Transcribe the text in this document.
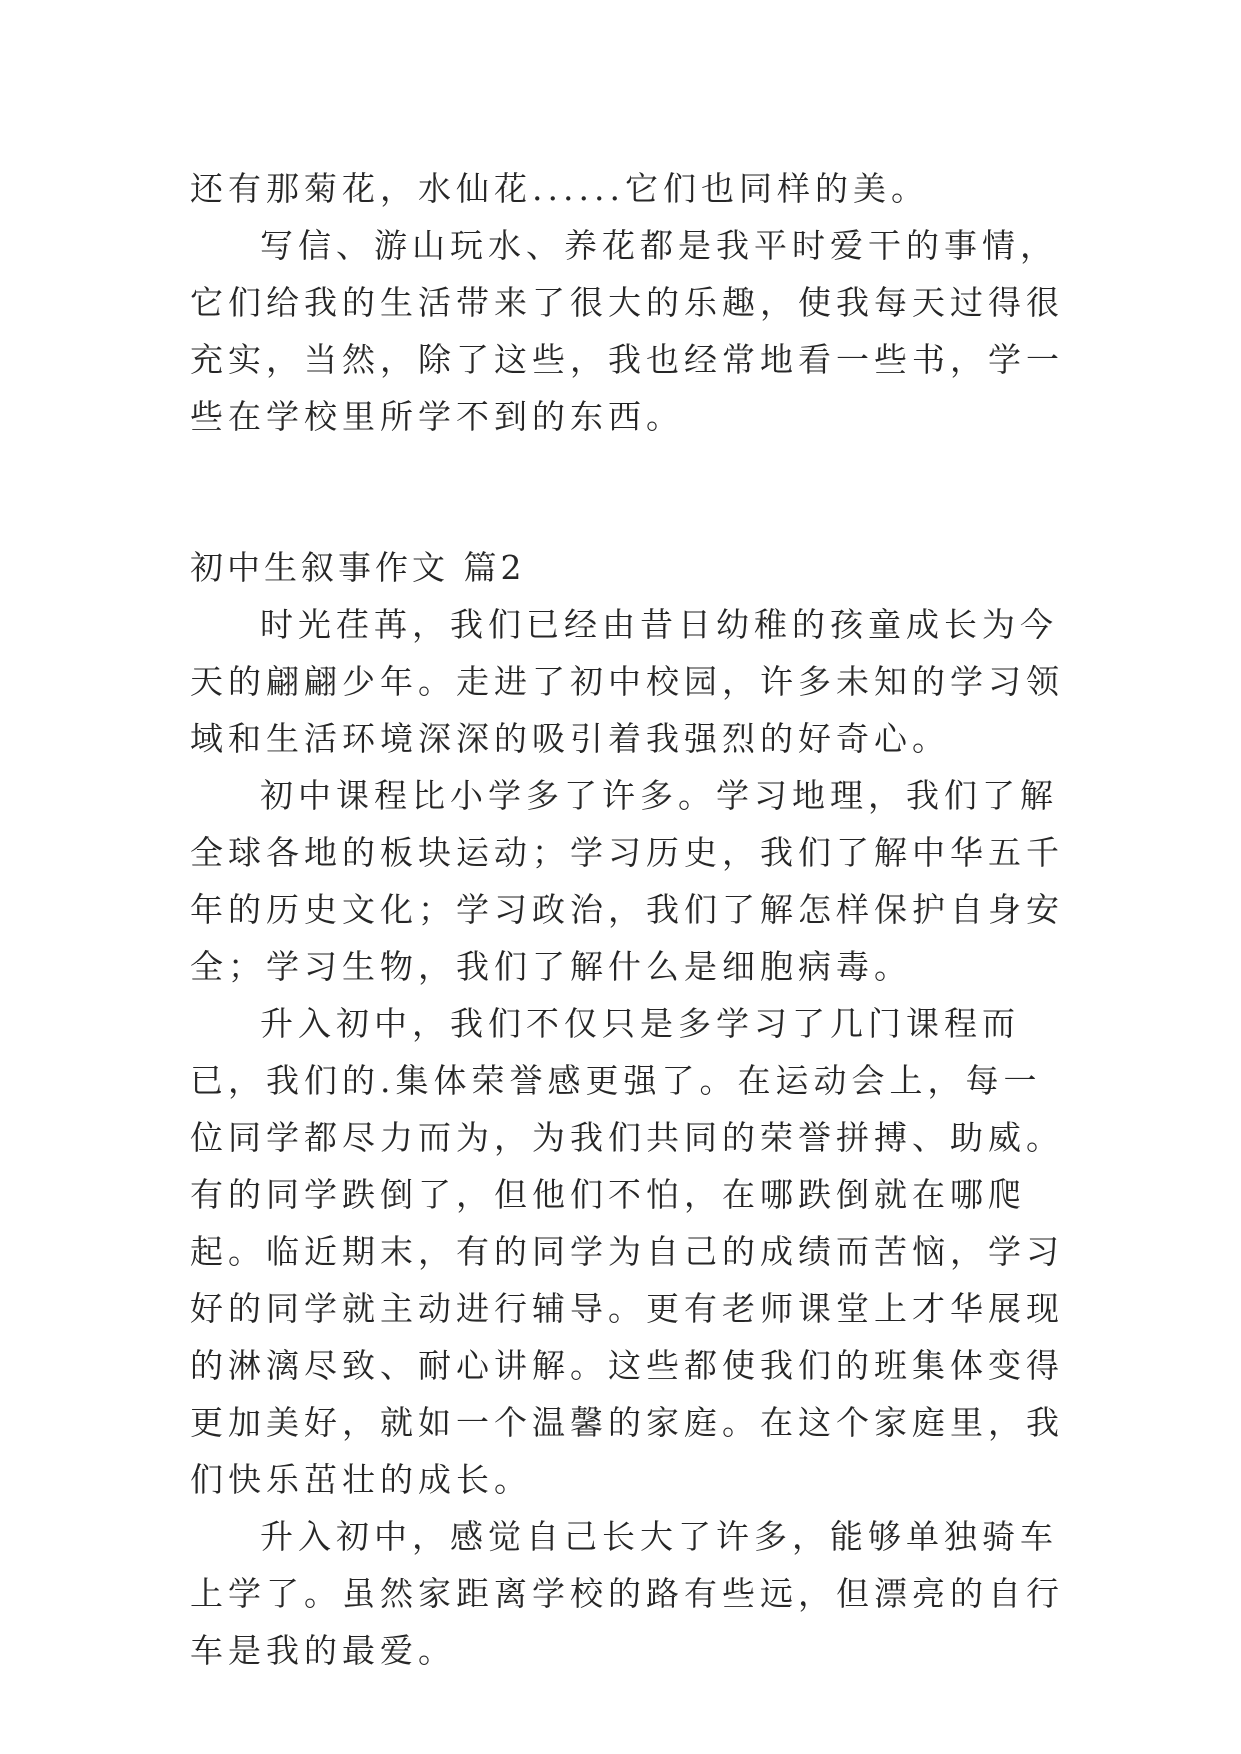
还有那菊花，水仙花......它们也同样的美。

写信、游山玩水、养花都是我平时爱干的事情，它们给我的生活带来了很大的乐趣，使我每天过得很充实，当然，除了这些，我也经常地看一些书，学一些在学校里所学不到的东西。

初中生叙事作文 篇2

时光荏苒，我们已经由昔日幼稚的孩童成长为今天的翩翩少年。走进了初中校园，许多未知的学习领域和生活环境深深的吸引着我强烈的好奇心。

初中课程比小学多了许多。学习地理，我们了解全球各地的板块运动；学习历史，我们了解中华五千年的历史文化；学习政治，我们了解怎样保护自身安全；学习生物，我们了解什么是细胞病毒。

升入初中，我们不仅只是多学习了几门课程而已，我们的.集体荣誉感更强了。在运动会上，每一位同学都尽力而为，为我们共同的荣誉拼搏、助威。有的同学跌倒了，但他们不怕，在哪跌倒就在哪爬起。临近期末，有的同学为自己的成绩而苦恼，学习好的同学就主动进行辅导。更有老师课堂上才华展现的淋漓尽致、耐心讲解。这些都使我们的班集体变得更加美好，就如一个温馨的家庭。在这个家庭里，我们快乐茁壮的成长。

升入初中，感觉自己长大了许多，能够单独骑车上学了。虽然家距离学校的路有些远，但漂亮的自行车是我的最爱。
